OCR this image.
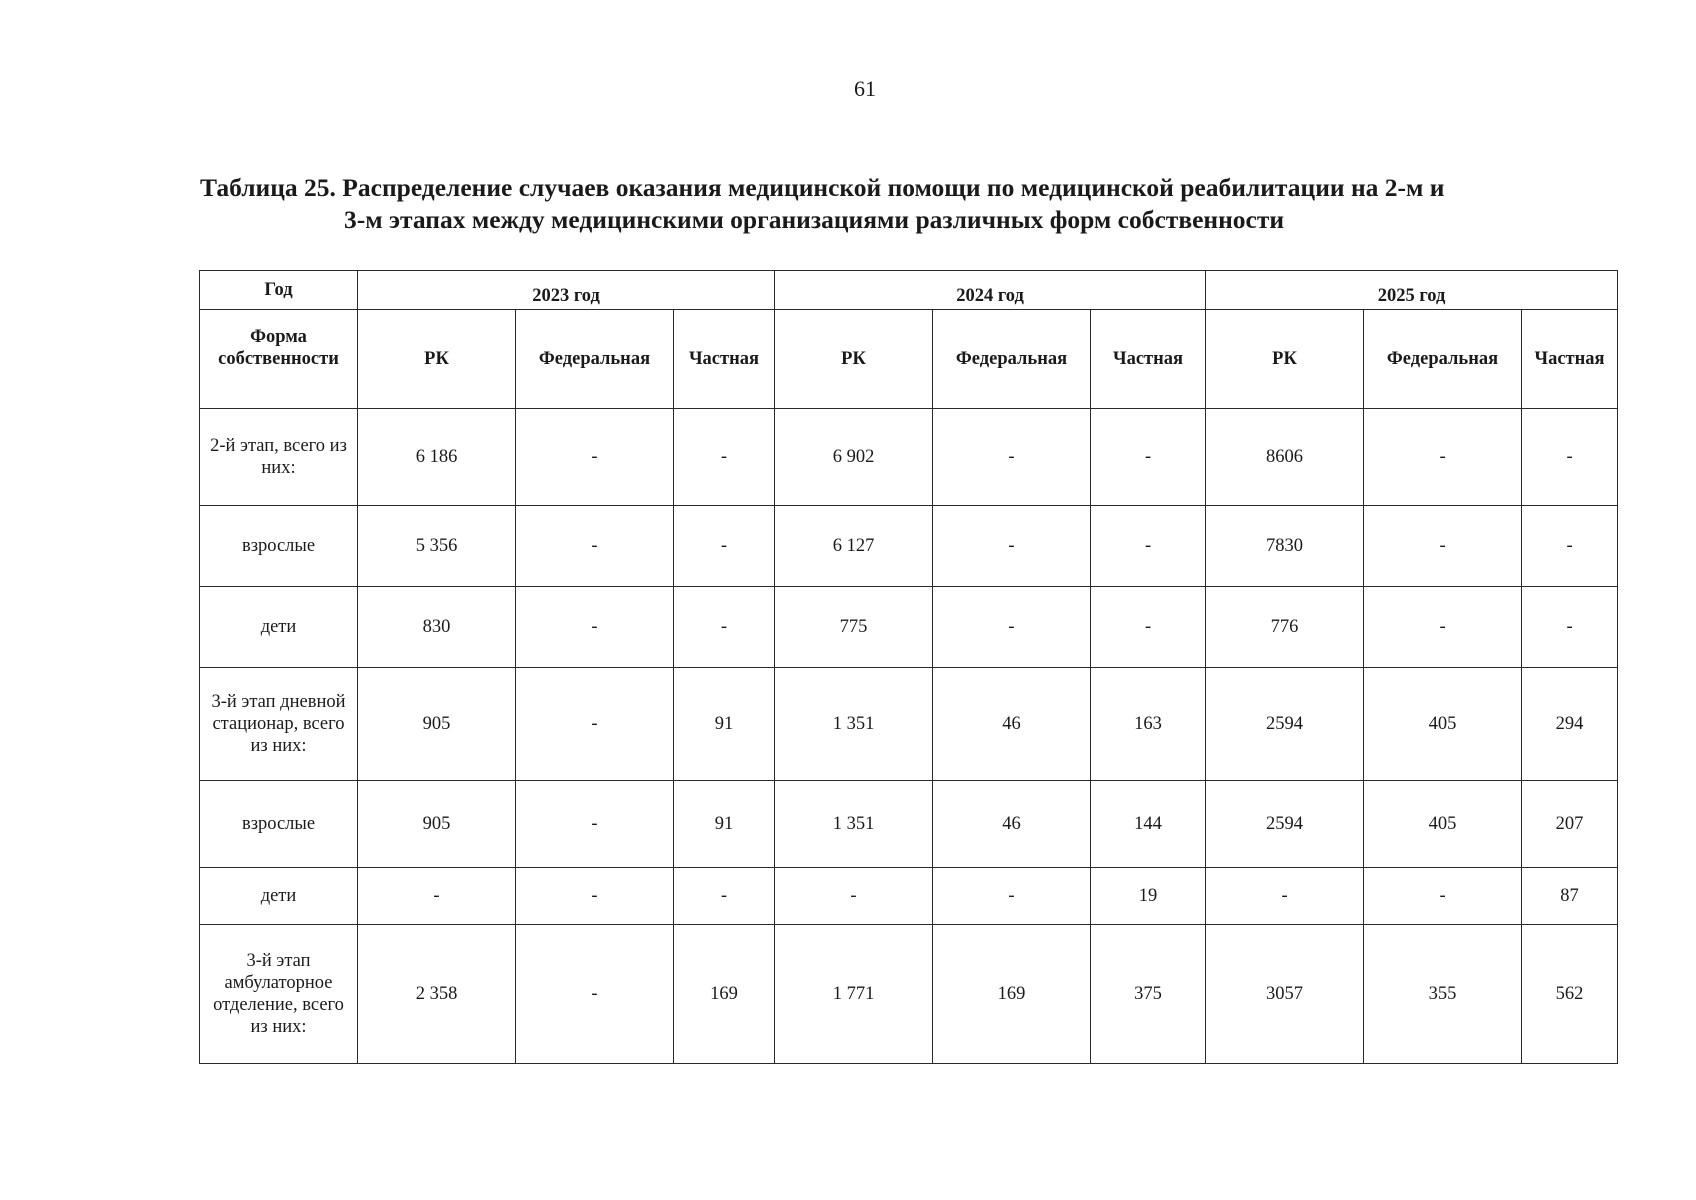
61
Таблица 25. Распределение случаев оказания медицинской помощи по медицинской реабилитации на 2-м и
3-м этапах между медицинскими организациями различных форм собственности
Год	2023 год			2024 год			2025 год		
Форма собственности	РК	Федеральная	Частная	РК	Федеральная	Частная	РК	Федеральная	Частная
2-й этап, всего из них:	6 186	-	-	6 902	-	-	8606	-	-
взрослые	5 356	-	-	6 127	-	-	7830	-	-
дети	830	-	-	775	-	-	776	-	-
3-й этап дневной стационар, всего из них:	905	-	91	1 351	46	163	2594	405	294
взрослые	905	-	91	1 351	46	144	2594	405	207
дети	-	-	-	-	-	19	-	-	87
3-й этап амбулаторное отделение, всего из них:	2 358	-	169	1 771	169	375	3057	355	562
